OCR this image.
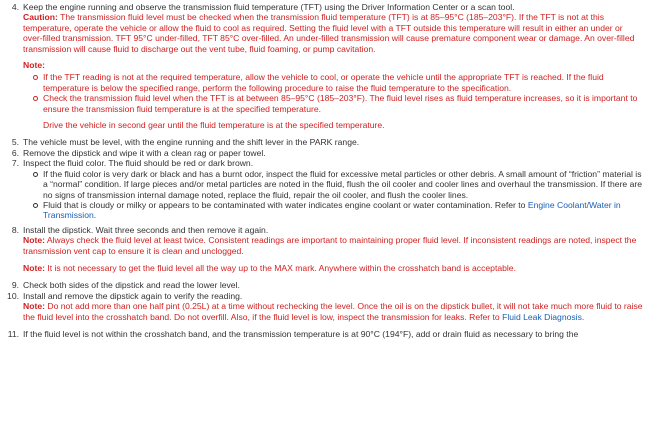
4. Keep the engine running and observe the transmission fluid temperature (TFT) using the Driver Information Center or a scan tool.
Caution: The transmission fluid level must be checked when the transmission fluid temperature (TFT) is at 85–95°C (185–203°F). If the TFT is not at this temperature, operate the vehicle or allow the fluid to cool as required. Setting the fluid level with a TFT outside this temperature will result in either an under or over-filled transmission. TFT 95°C under-filled, TFT 85°C over-filled. An under-filled transmission will cause premature component wear or damage. An over-filled transmission will cause fluid to discharge out the vent tube, fluid foaming, or pump cavitation.
Note:
If the TFT reading is not at the required temperature, allow the vehicle to cool, or operate the vehicle until the appropriate TFT is reached. If the fluid temperature is below the specified range, perform the following procedure to raise the fluid temperature to the specification.
Check the transmission fluid level when the TFT is at between 85–95°C (185–203°F). The fluid level rises as fluid temperature increases, so it is important to ensure the transmission fluid temperature is at the specified temperature.
Drive the vehicle in second gear until the fluid temperature is at the specified temperature.
5. The vehicle must be level, with the engine running and the shift lever in the PARK range.
6. Remove the dipstick and wipe it with a clean rag or paper towel.
7. Inspect the fluid color. The fluid should be red or dark brown.
If the fluid color is very dark or black and has a burnt odor, inspect the fluid for excessive metal particles or other debris. A small amount of “friction” material is a “normal” condition. If large pieces and/or metal particles are noted in the fluid, flush the oil cooler and cooler lines and overhaul the transmission. If there are no signs of transmission internal damage noted, replace the fluid, repair the oil cooler, and flush the cooler lines.
Fluid that is cloudy or milky or appears to be contaminated with water indicates engine coolant or water contamination. Refer to Engine Coolant/Water in Transmission.
8. Install the dipstick. Wait three seconds and then remove it again.
Note: Always check the fluid level at least twice. Consistent readings are important to maintaining proper fluid level. If inconsistent readings are noted, inspect the transmission vent cap to ensure it is clean and unclogged.
Note: It is not necessary to get the fluid level all the way up to the MAX mark. Anywhere within the crosshatch band is acceptable.
9. Check both sides of the dipstick and read the lower level.
10. Install and remove the dipstick again to verify the reading.
Note: Do not add more than one half pint (0.25L) at a time without rechecking the level. Once the oil is on the dipstick bullet, it will not take much more fluid to raise the fluid level into the crosshatch band. Do not overfill. Also, if the fluid level is low, inspect the transmission for leaks. Refer to Fluid Leak Diagnosis.
11. If the fluid level is not within the crosshatch band, and the transmission temperature is at 90°C (194°F), add or drain fluid as necessary to bring the
